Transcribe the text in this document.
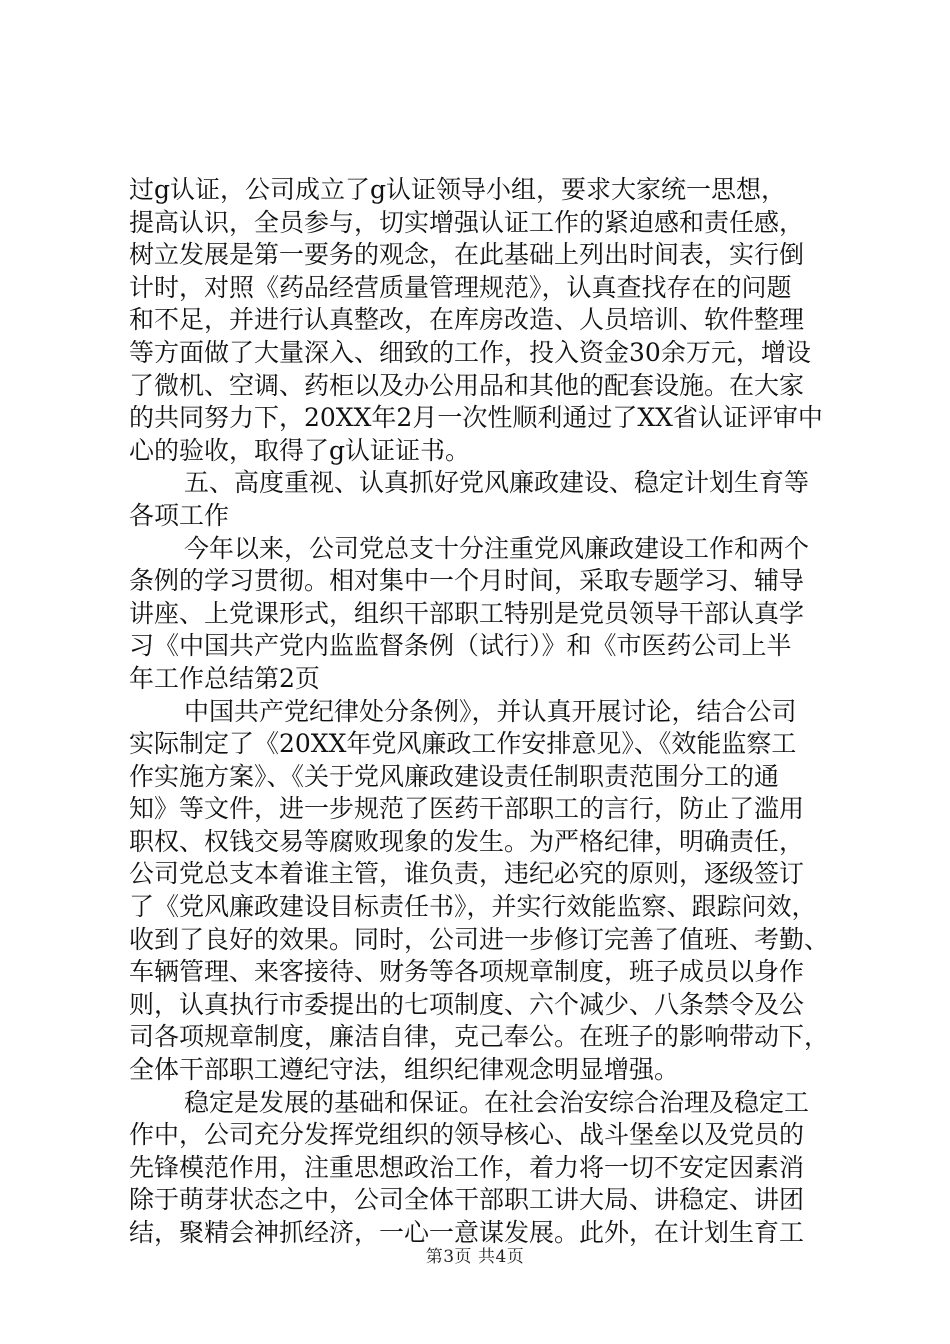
过g认证，公司成立了g认证领导小组，要求大家统一思想，
提高认识，全员参与，切实增强认证工作的紧迫感和责任感，
树立发展是第一要务的观念，在此基础上列出时间表，实行倒
计时，对照《药品经营质量管理规范》，认真查找存在的问题
和不足，并进行认真整改，在库房改造、人员培训、软件整理
等方面做了大量深入、细致的工作，投入资金30余万元，增设
了微机、空调、药柜以及办公用品和其他的配套设施。在大家
的共同努力下，20XX年2月一次性顺利通过了XX省认证评审中
心的验收，取得了g认证证书。
五、高度重视、认真抓好党风廉政建设、稳定计划生育等
各项工作
今年以来，公司党总支十分注重党风廉政建设工作和两个
条例的学习贯彻。相对集中一个月时间，采取专题学习、辅导
讲座、上党课形式，组织干部职工特别是党员领导干部认真学
习《中国共产党内监监督条例（试行）》和《市医药公司上半
年工作总结第2页
中国共产党纪律处分条例》，并认真开展讨论，结合公司
实际制定了《20XX年党风廉政工作安排意见》、《效能监察工
作实施方案》、《关于党风廉政建设责任制职责范围分工的通
知》等文件，进一步规范了医药干部职工的言行，防止了滥用
职权、权钱交易等腐败现象的发生。为严格纪律，明确责任，
公司党总支本着谁主管，谁负责，违纪必究的原则，逐级签订
了《党风廉政建设目标责任书》，并实行效能监察、跟踪问效，
收到了良好的效果。同时，公司进一步修订完善了值班、考勤、
车辆管理、来客接待、财务等各项规章制度，班子成员以身作
则，认真执行市委提出的七项制度、六个减少、八条禁令及公
司各项规章制度，廉洁自律，克己奉公。在班子的影响带动下，
全体干部职工遵纪守法，组织纪律观念明显增强。
稳定是发展的基础和保证。在社会治安综合治理及稳定工
作中，公司充分发挥党组织的领导核心、战斗堡垒以及党员的
先锋模范作用，注重思想政治工作，着力将一切不安定因素消
除于萌芽状态之中，公司全体干部职工讲大局、讲稳定、讲团
结，聚精会神抓经济，一心一意谋发展。此外，在计划生育工
第3页 共4页
